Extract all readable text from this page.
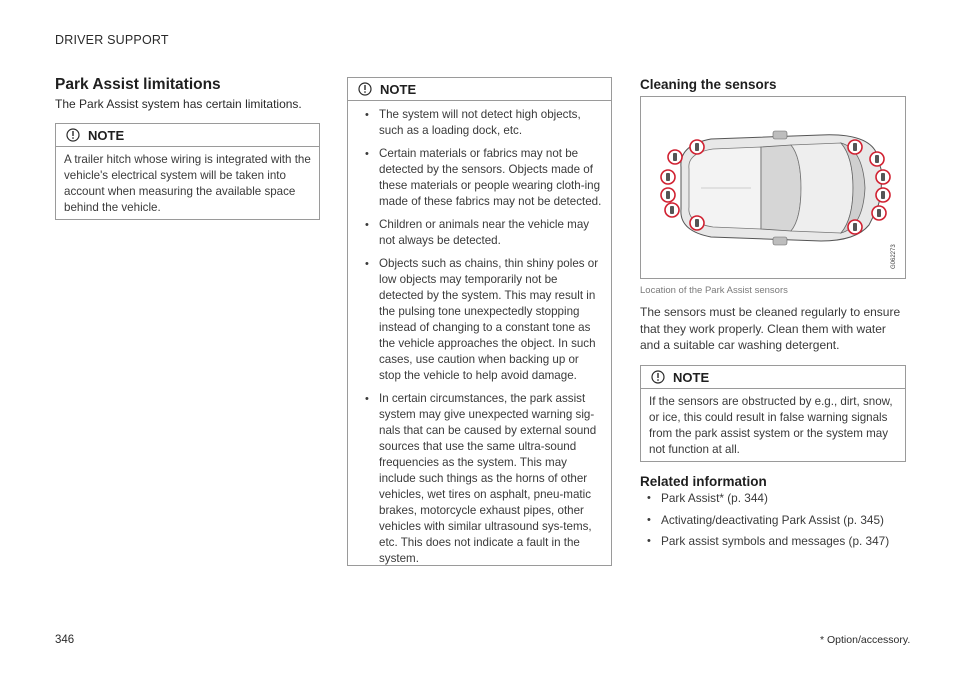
DRIVER SUPPORT
Park Assist limitations
The Park Assist system has certain limitations.
NOTE
A trailer hitch whose wiring is integrated with the vehicle's electrical system will be taken into account when measuring the available space behind the vehicle.
NOTE
• The system will not detect high objects, such as a loading dock, etc.
• Certain materials or fabrics may not be detected by the sensors. Objects made of these materials or people wearing cloth-ing made of these fabrics may not be detected.
• Children or animals near the vehicle may not always be detected.
• Objects such as chains, thin shiny poles or low objects may temporarily not be detected by the system. This may result in the pulsing tone unexpectedly stopping instead of changing to a constant tone as the vehicle approaches the object. In such cases, use caution when backing up or stop the vehicle to help avoid damage.
• In certain circumstances, the park assist system may give unexpected warning sig-nals that can be caused by external sound sources that use the same ultra-sound frequencies as the system. This may include such things as the horns of other vehicles, wet tires on asphalt, pneu-matic brakes, motorcycle exhaust pipes, other vehicles with similar ultrasound sys-tems, etc. This does not indicate a fault in the system.
Cleaning the sensors
G062273
Location of the Park Assist sensors
The sensors must be cleaned regularly to ensure that they work properly. Clean them with water and a suitable car washing detergent.
NOTE
If the sensors are obstructed by e.g., dirt, snow, or ice, this could result in false warning signals from the park assist system or the system may not function at all.
Related information
• Park Assist* (p. 344)
• Activating/deactivating Park Assist (p. 345)
• Park assist symbols and messages (p. 347)
346	* Option/accessory.
